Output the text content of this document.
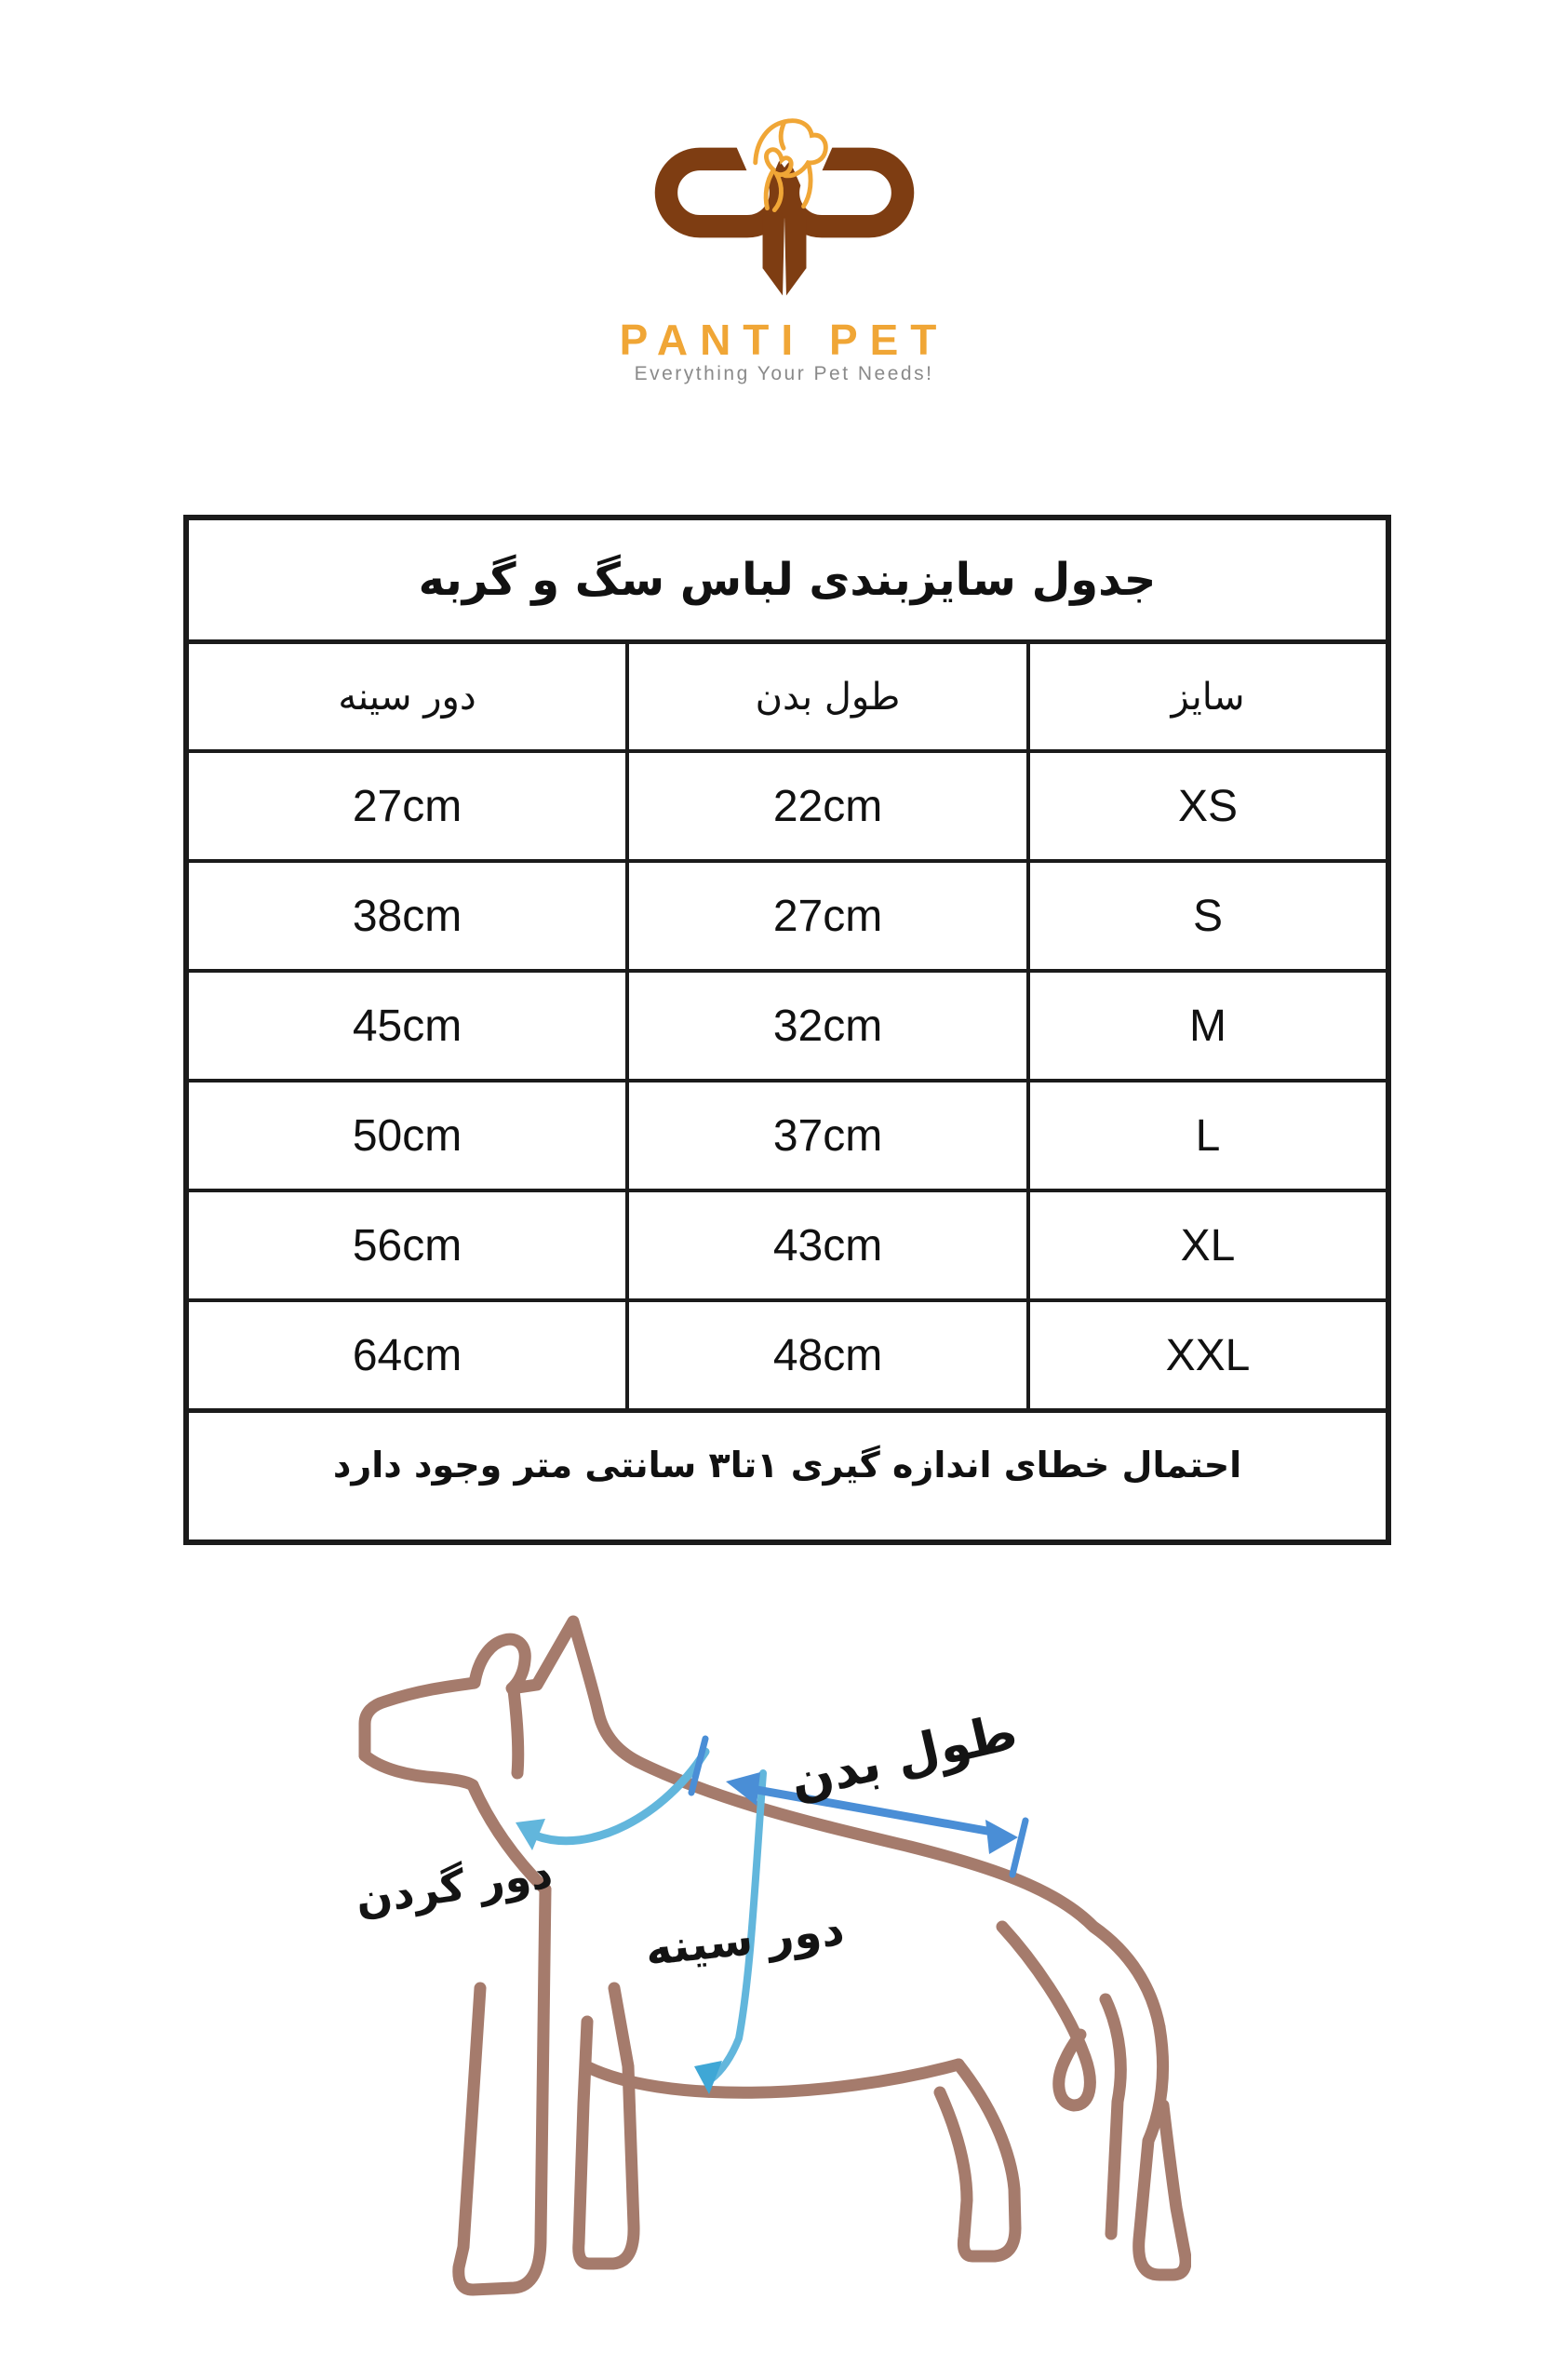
PANTI PET
Everything Your Pet Needs!
جدول سایزبندی لباس سگ و گربه
دور سینه	طول بدن	سایز
27cm	22cm	XS
38cm	27cm	S
45cm	32cm	M
50cm	37cm	L
56cm	43cm	XL
64cm	48cm	XXL
احتمال خطای اندازه گیری ۱تا۳ سانتی متر وجود دارد
طول بدن
دور گردن
دور سینه
